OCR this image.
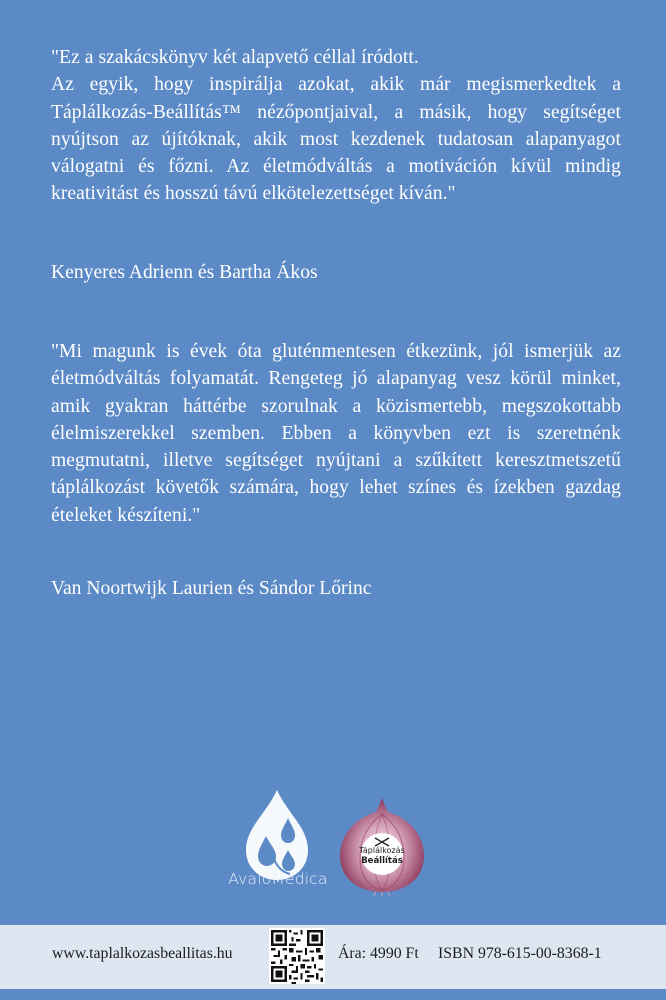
"Ez a szakácskönyv két alapvető céllal íródott.
Az egyik, hogy inspirálja azokat, akik már megismerkedtek a Táplálkozás-Beállítás™ nézőpontjaival, a másik, hogy segítséget nyújtson az újítóknak, akik most kezdenek tudatosan alapanyagot válogatni és főzni. Az életmódváltás a motiváción kívül mindig kreativitást és hosszú távú elkötelezettséget kíván."
Kenyeres Adrienn és Bartha Ákos
"Mi magunk is évek óta gluténmentesen étkezünk, jól ismerjük az életmódváltás folyamatát. Rengeteg jó alapanyag vesz körül minket, amik gyakran háttérbe szorulnak a közismertebb, megszokottabb élelmiszerekkel szemben. Ebben a könyvben ezt is szeretnénk megmutatni, illetve segítséget nyújtani a szűkített keresztmetszetű táplálkozást követők számára, hogy lehet színes és ízekben gazdag ételeket készíteni."
Van Noortwijk Laurien és Sándor Lőrinc
AvaloMedica
Táplálkozás
Beállítás
www.taplalkozasbeallitas.hu	Ára: 4990 Ft ISBN 978-615-00-8368-1
